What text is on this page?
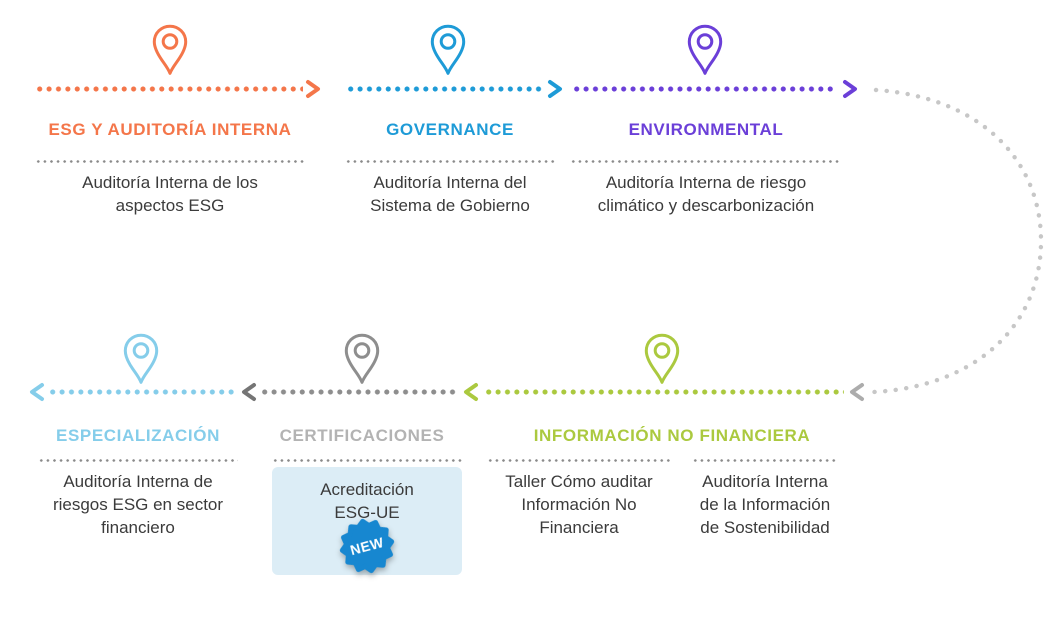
ESG Y AUDITORÍA INTERNA
Auditoría Interna de los
aspectos ESG
GOVERNANCE
Auditoría Interna del
Sistema de Gobierno
ENVIRONMENTAL
Auditoría Interna de riesgo
climático y descarbonización
ESPECIALIZACIÓN
Auditoría Interna de
riesgos ESG en sector
financiero
CERTIFICACIONES
Acreditación
ESG-UE
NEW
INFORMACIÓN NO FINANCIERA
Taller Cómo auditar
Información No
Financiera
Auditoría Interna
de la Información
de Sostenibilidad
